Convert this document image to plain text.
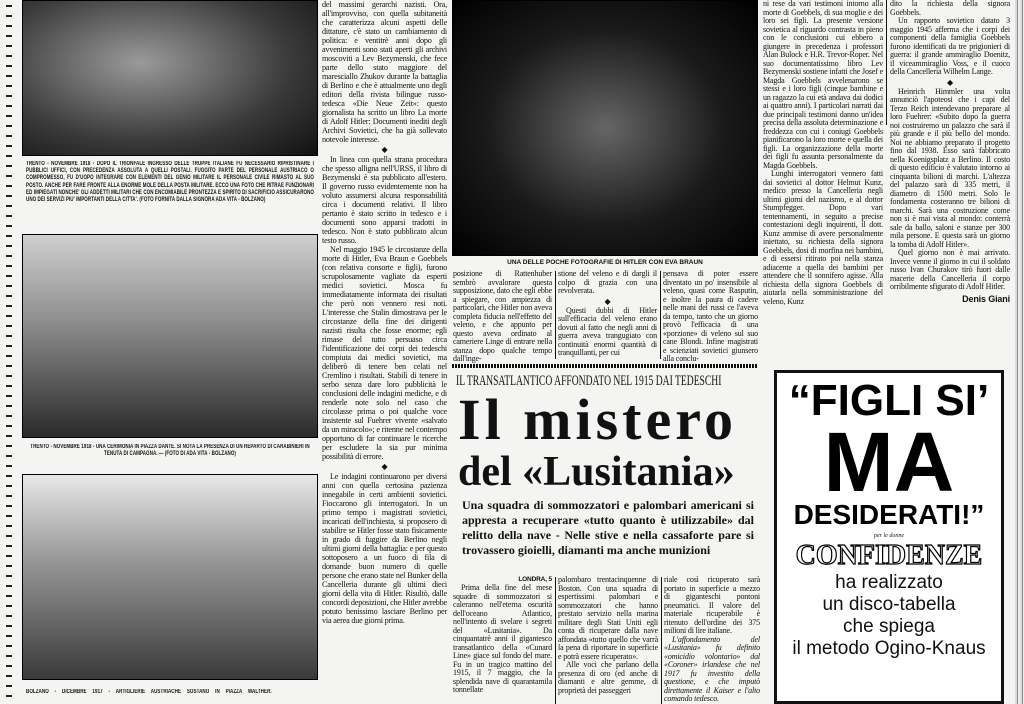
TRENTO - NOVEMBRE 1918 - DOPO IL TRIONFALE INGRESSO DELLE TRUPPE ITALIANE FU NECESSARIO RIPRISTINARE I PUBBLICI UFFICI, CON PRECEDENZA ASSOLUTA A QUELLI POSTALI. FUGGITO PARTE DEL PERSONALE AUSTRIACO O COMPROMESSO, FU D'UOPO INTEGRARE CON ELEMENTI DEL GENIO MILITARE IL PERSONALE CIVILE RIMASTO AL SUO POSTO. ANCHE PER FARE FRONTE ALLA ENORME MOLE DELLA POSTA MILITARE. ECCO UNA FOTO CHE RITRAE FUNZIONARI ED IMPIEGATI NONCHE' GLI ADDETTI MILITARI CHE CON ENCOMIABILE PRONTEZZA E SPIRITO DI SACRIFICIO ASSICURARONO UNO DEI SERVIZI PIU' IMPORTANTI DELLA CITTA'. (FOTO FORNITA DALLA SIGNORA ADA VITA - BOLZANO)
TRENTO - NOVEMBRE 1918 - UNA CERIMONIA IN PIAZZA DANTE. SI NOTA LA PRESENZA DI UN REPARTO DI CARABINIERI IN TENUTA DI CAMPAGNA. — (FOTO DI ADA VITA - BOLZANO)
BOLZANO - DICEMBRE 1917 - ARTIGLIERIE AUSTRIACHE SOSTANO IN PIAZZA WALTHER.

del massimi gerarchi nazisti. Ora, all'improvviso, con quella subitaneità che caratterizza alcuni aspetti delle dittature, c'è stato un cambiamento di politica: e ventitrè anni dopo gli avvenimenti sono stati aperti gli archivi moscoviti a Lev Bezymenski, che fece parte dello stato maggiore del maresciallo Zhukov durante la battaglia di Berlino e che è attualmente uno degli editori della rivista bilingue russo-tedesca «Die Neue Zeit»: questo giornalista ha scritto un libro La morte di Adolf Hitler: Documenti inediti degli Archivi Sovietici, che ha già sollevato notevole interesse.

◆

In linea con quella strana procedura che spesso alligna nell'URSS, il libro di Bezymenski è sta pubblicato all'estero. Il governo russo evidentemente non ha voluto assumersi alcuna responsabilità circa i documenti relativi. Il libro pertanto è stato scritto in tedesco e i documenti sono apparsi tradotti in tedesco. Non è stato pubblicato alcun testo russo.

Nel maggio 1945 le circostanze della morte di Hitler, Eva Braun e Goebbels (con relativa consorte e figli), furono scrupolosamente vagliate da esperti medici sovietici. Mosca fu immediatamente informata dei risultati che però non vennero resi noti. L'interesse che Stalin dimostrava per le circostanze della fine dei dirigenti nazisti risulta che fosse enorme; egli rimase del tutto persuaso circa l'identificazione dei corpi dei tedeschi compiuta dai medici sovietici, ma deliberò di tenere ben celati nel Cremlino i risultati. Stabilì di tenere in serbo senza dare loro pubblicità le conclusioni delle indagini mediche, e di renderle note solo nel caso che circolasse prima o poi qualche voce insistente sul Fuehrer vivente «salvato da un miracolo»; e ritenne nel contempo opportuno di far continuare le ricerche per escludere la sia pur minima possibilità di errore.

◆

Le indagini continuarono per diversi anni con quella certosina pazienza innegabile in certi ambienti sovietici. Fioccarono gli interrogatori. In un primo tempo i magistrati sovietici, incaricati dell'inchiesta, si proposero di stabilire se Hitler fosse stato fisicamente in grado di fuggire da Berlino negli ultimi giorni della battaglia: e per questo sottoposero a un fuoco di fila di domande buon numero di quelle persone che erano state nel Bunker della Cancelleria durante gli ultimi dieci giorni della vita di Hitler. Risultò, dalle concordi deposizioni, che Hitler avrebbe potuto benissimo lasciare Berlino per via aerea due giorni prima.

UNA DELLE POCHE FOTOGRAFIE DI HITLER CON EVA BRAUN

posizione di Rattenhuber sembrò avvalorare questa supposizione, dato che egli ebbe a spiegare, con ampiezza di particolari, che Hitler non aveva completa fiducia nell'effetto del veleno, e che appunto per questo aveva ordinato al cameriere Linge di entrare nella stanza dopo qualche tempo dall'inge-

stione del veleno e di dargli il colpo di grazia con una revolverata.

◆

Questi dubbi di Hitler sull'efficacia del veleno erano dovuti al fatto che negli anni di guerra aveva trangugiato con continuità enormi quantità di tranquillanti, per cui

pensava di poter essere diventato un po' insensibile al veleno, quasi come Rasputin, e inoltre la paura di cadere nelle mani dei russi ce l'aveva da tempo, tanto che un giorno provò l'efficacia di una «porzione» di veleno sul suo cane Blondi. Infine magistrati e scienziati sovietici giunsero alla conclu-

IL TRANSATLANTICO AFFONDATO NEL 1915 DAI TEDESCHI
Il mistero
del «Lusitania»
Una squadra di sommozzatori e palombari americani si appresta a recuperare «tutto quanto è utilizzabile» dal relitto della nave - Nelle stive e nella cassaforte pare si trovassero gioielli, diamanti ma anche munizioni
LONDRA, 5

Prima della fine del mese squadre di sommozzatori si caleranno nell'eterna oscurità dell'oceano Atlantico, nell'intento di svelare i segreti del «Lusitania». Da cinquantatrè anni il gigantesco transatlantico della «Cunard Line» giace sul fondo del mare. Fu in un tragico mattino del 1915, il 7 maggio, che la splendida nave di quarantamila tonnellate

palombaro trentacinquenne di Boston. Con una squadra di espertissimi palombari e sommozzatori che hanno prestato servizio nella marina militare degli Stati Uniti egli conta di ricuperare dalla nave affondata «tutto quello che varrà la pena di riportare in superficie e potrà essere ricuperato».

Alle voci che parlano della presenza di oro (ed anche di diamanti e altre gemme, di proprietà dei passeggeri

riale così ricuperato sarà portato in superficie a mezzo di giganteschi pontoni pneumatici. Il valore del materiale ricuperabile è ritenuto dell'ordine dei 375 milioni di lire italiane.

L'affondamento del «Lusitania» fu definito «omicidio volontario» dal «Coroner» irlandese che nel 1917 fu investito della questione, e che imputò direttamente il Kaiser e l'alto comando tedesco.

ni rese da vari testimoni intorno alla morte di Goebbels, di sua moglie e dei loro sei figli. La presente versione sovietica al riguardo contrasta in pieno con le conclusioni cui ebbero a giungere in precedenza i professori Alan Bulock e H.R. Trevor-Roper. Nel suo documentatissimo libro Lev Bezymenski sostiene infatti che Josef e Magda Goebbels avvelenarono se stessi e i loro figli (cinque bambine e un ragazzo la cui età andava dai dodici ai quattro anni). I particolari narrati dai due principali testimoni danno un'idea precisa della assoluta determinazione e freddezza con cui i coniugi Goebbels pianificarono la loro morte e quella dei figli. La organizzazione della morte dei figli fu assunta personalmente da Magda Goebbels.

Lunghi interrogatori vennero fatti dai sovietici al dottor Helmut Kunz, medico presso la Cancelleria negli ultimi giorni del nazismo, e al dottor Stumpfegger. Dopo vari tentennamenti, in seguito a precise contestazioni degli inquirenti, il dott. Kunz ammise di avere personalmente iniettato, su richiesta della signora Goebbels, dosi di morfina nei bambini, e di essersi ritirato poi nella stanza adiacente a quella dei bambini per attendere che il sonnifero agisse. Alla richiesta della signora Goebbels di aiutarla nella somministrazione del veleno, Kunz

dito la richiesta della signora Goebbels.

Un rapporto sovietico datato 3 maggio 1945 afferma che i corpi dei componenti della famiglia Goebbels furono identificati da tre prigionieri di guerra: il grande ammiraglio Doenitz, il viceammiraglio Voss, e il cuoco della Cancelleria Wilhelm Lange.

◆

Heinrich Himmler una volta annunciò l'apoteosi che i capi del Terzo Reich intendevano preparare al loro Fuehrer: «Subito dopo la guerra noi costruiremo un palazzo che sarà il più grande e il più bello del mondo. Noi ne abbiamo preparato il progetto fino dal 1938. Esso sarà fabbricato nella Koenigsplatz a Berlino. Il costo di questo edificio è valutato intorno ai cinquanta bilioni di marchi. L'altezza del palazzo sarà di 335 metri, il diametro di 1500 metri. Solo le fondamenta costeranno tre bilioni di marchi. Sarà una costruzione come non si è mai vista al mondo: conterrà sale da ballo, saloni e stanze per 300 mila persone. E questa sarà un giorno la tomba di Adolf Hitler».

Quel giorno non è mai arrivato. Invece venne il giorno in cui il soldato russo Ivan Churakov tirò fuori dalle macerie della Cancelleria il corpo orribilmente sfigurato di Adolf Hitler.

Denis Giani
“FIGLI SI’
MA
DESIDERATI!”
per le donne
CONFIDENZE
ha realizzato
un disco-tabella
che spiega
il metodo Ogino-Knaus
